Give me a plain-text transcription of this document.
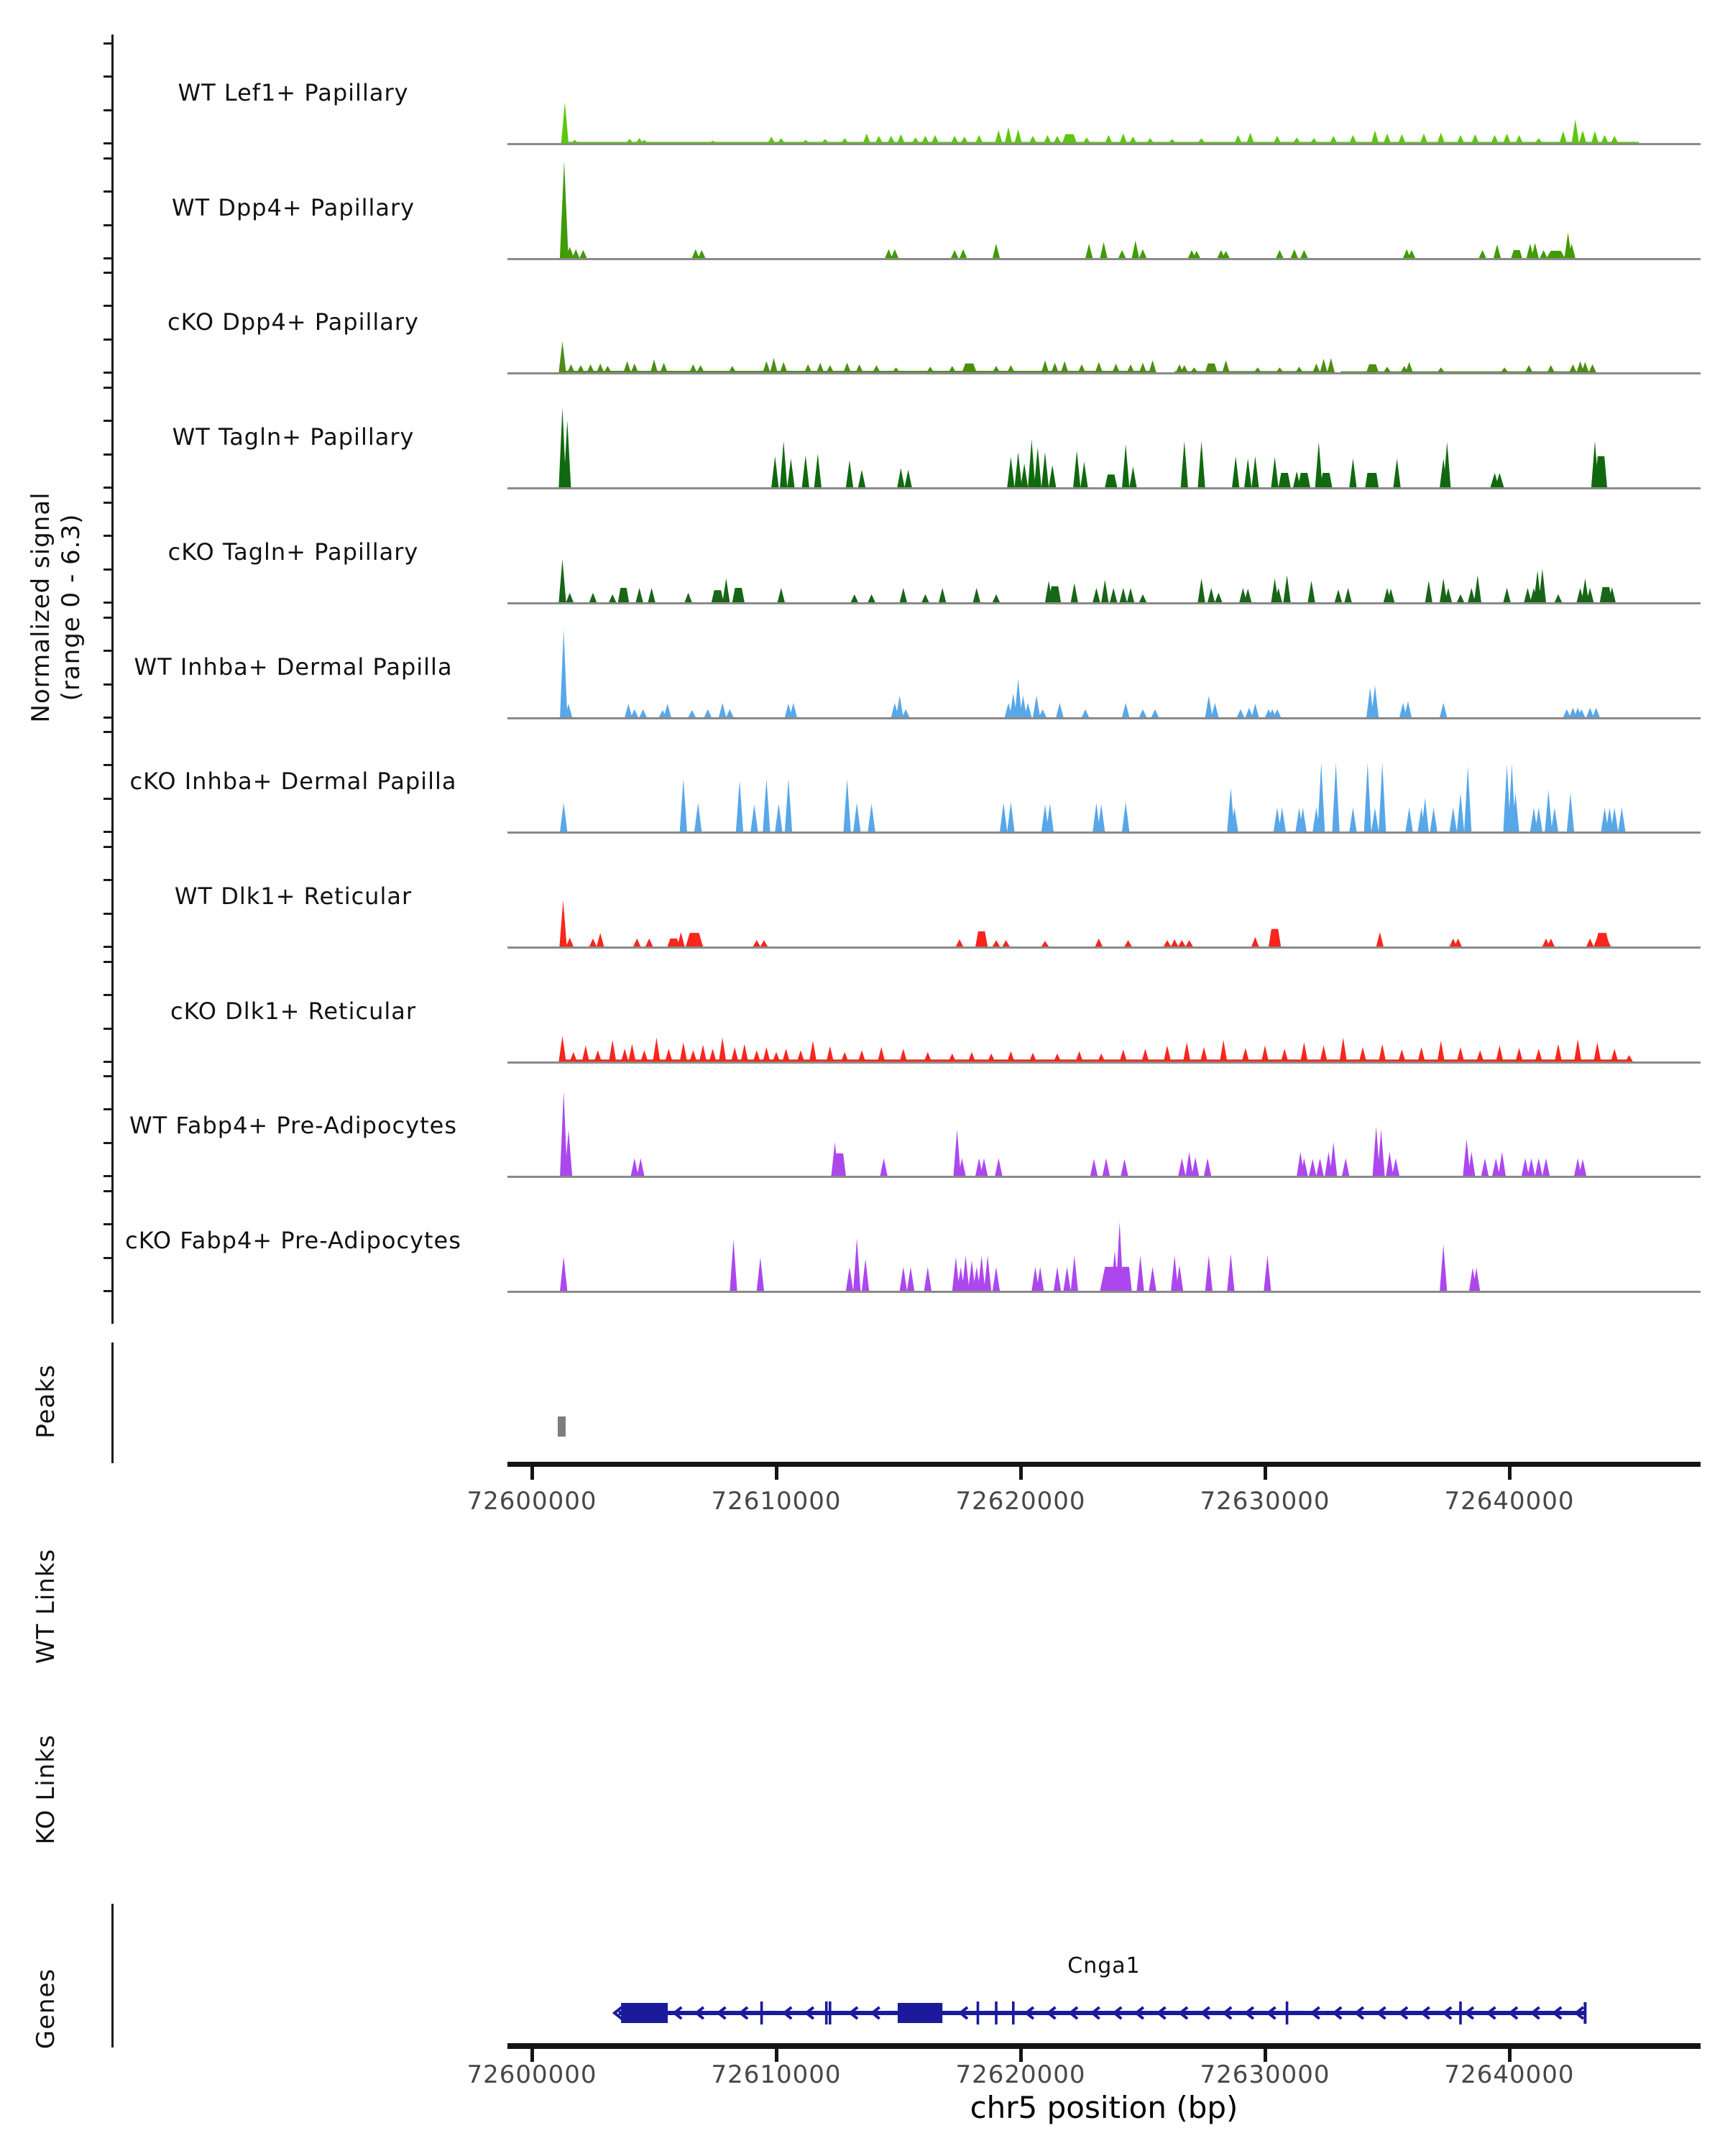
Normalized signal (range 0 - 6.3)
Peaks
WT Links
KO Links
Genes
Cnga1
chr5 position (bp)
WT Lef1+ Papillary
WT Dpp4+ Papillary
cKO Dpp4+ Papillary
WT Tagln+ Papillary
cKO Tagln+ Papillary
WT Inhba+ Dermal Papilla
cKO Inhba+ Dermal Papilla
WT Dlk1+ Reticular
cKO Dlk1+ Reticular
WT Fabp4+ Pre-Adipocytes
cKO Fabp4+ Pre-Adipocytes
72600000	72610000	72620000	72630000	72640000
72600000	72610000	72620000	72630000	72640000
